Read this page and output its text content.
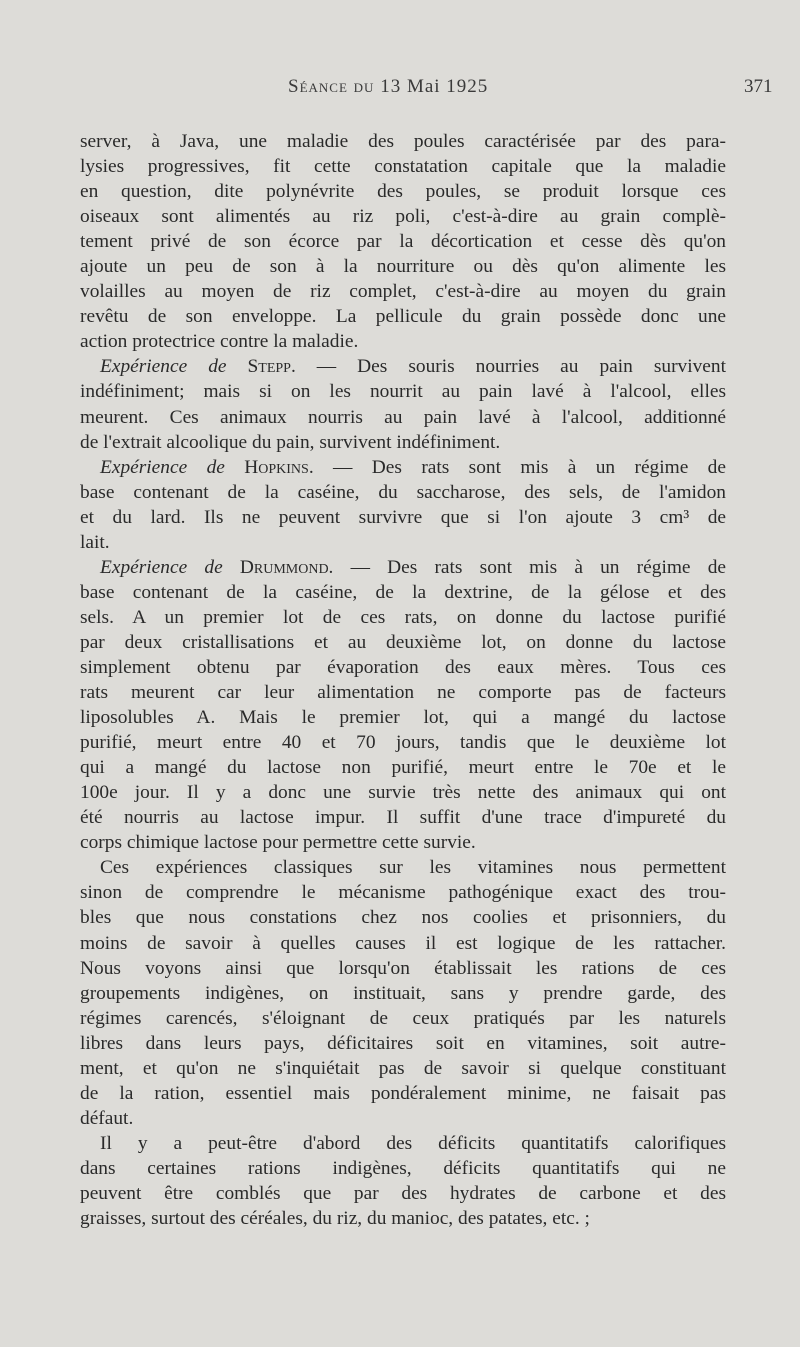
Séance du 13 Mai 1925	371
server, à Java, une maladie des poules caractérisée par des para-
lysies progressives, fit cette constatation capitale que la maladie
en question, dite polynévrite des poules, se produit lorsque ces
oiseaux sont alimentés au riz poli, c'est-à-dire au grain complè-
tement privé de son écorce par la décortication et cesse dès qu'on
ajoute un peu de son à la nourriture ou dès qu'on alimente les
volailles au moyen de riz complet, c'est-à-dire au moyen du grain
revêtu de son enveloppe. La pellicule du grain possède donc une
action protectrice contre la maladie.
Expérience de Stepp. — Des souris nourries au pain survivent
indéfiniment; mais si on les nourrit au pain lavé à l'alcool, elles
meurent. Ces animaux nourris au pain lavé à l'alcool, additionné
de l'extrait alcoolique du pain, survivent indéfiniment.
Expérience de Hopkins. — Des rats sont mis à un régime de
base contenant de la caséine, du saccharose, des sels, de l'amidon
et du lard. Ils ne peuvent survivre que si l'on ajoute 3 cm³ de
lait.
Expérience de Drummond. — Des rats sont mis à un régime de
base contenant de la caséine, de la dextrine, de la gélose et des
sels. A un premier lot de ces rats, on donne du lactose purifié
par deux cristallisations et au deuxième lot, on donne du lactose
simplement obtenu par évaporation des eaux mères. Tous ces
rats meurent car leur alimentation ne comporte pas de facteurs
liposolubles A. Mais le premier lot, qui a mangé du lactose
purifié, meurt entre 40 et 70 jours, tandis que le deuxième lot
qui a mangé du lactose non purifié, meurt entre le 70e et le
100e jour. Il y a donc une survie très nette des animaux qui ont
été nourris au lactose impur. Il suffit d'une trace d'impureté du
corps chimique lactose pour permettre cette survie.
Ces expériences classiques sur les vitamines nous permettent
sinon de comprendre le mécanisme pathogénique exact des trou-
bles que nous constations chez nos coolies et prisonniers, du
moins de savoir à quelles causes il est logique de les rattacher.
Nous voyons ainsi que lorsqu'on établissait les rations de ces
groupements indigènes, on instituait, sans y prendre garde, des
régimes carencés, s'éloignant de ceux pratiqués par les naturels
libres dans leurs pays, déficitaires soit en vitamines, soit autre-
ment, et qu'on ne s'inquiétait pas de savoir si quelque constituant
de la ration, essentiel mais pondéralement minime, ne faisait pas
défaut.
Il y a peut-être d'abord des déficits quantitatifs calorifiques
dans certaines rations indigènes, déficits quantitatifs qui ne
peuvent être comblés que par des hydrates de carbone et des
graisses, surtout des céréales, du riz, du manioc, des patates, etc. ;
